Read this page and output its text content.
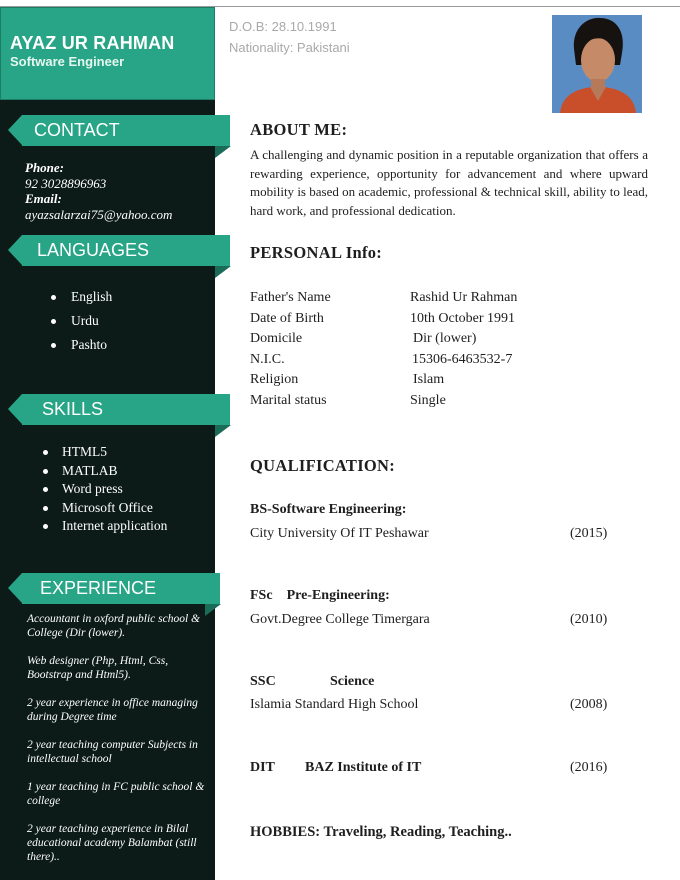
AYAZ UR RAHMAN
Software Engineer
CONTACT
Phone:
92 3028896963
Email:
ayazsalarzai75@yahoo.com
LANGUAGES
English
Urdu
Pashto
SKILLS
HTML5
MATLAB
Word press
Microsoft Office
Internet application
EXPERIENCE
Accountant in oxford public school & College (Dir (lower).
Web designer (Php, Html, Css, Bootstrap and Html5).
2 year experience in office managing during Degree time
2 year teaching computer Subjects in intellectual school
1 year teaching in FC public school & college
2 year teaching experience in Bilal educational academy Balambat (still there)..
D.O.B: 28.10.1991
Nationality: Pakistani
ABOUT ME:
A challenging and dynamic position in a reputable organization that offers a rewarding experience, opportunity for advancement and where upward mobility is based on academic, professional & technical skill, ability to lead, hard work, and professional dedication.
PERSONAL Info:
Father's Name	Rashid Ur Rahman
Date of Birth	10th October 1991
Domicile	Dir (lower)
N.I.C.	15306-6463532-7
Religion	Islam
Marital status	Single
QUALIFICATION:
BS-Software Engineering:
City University Of IT Peshawar	(2015)
FSc Pre-Engineering:
Govt.Degree College Timergara	(2010)
SSC	Science
Islamia Standard High School	(2008)
DIT BAZ Institute of IT	(2016)
HOBBIES: Traveling, Reading, Teaching..
